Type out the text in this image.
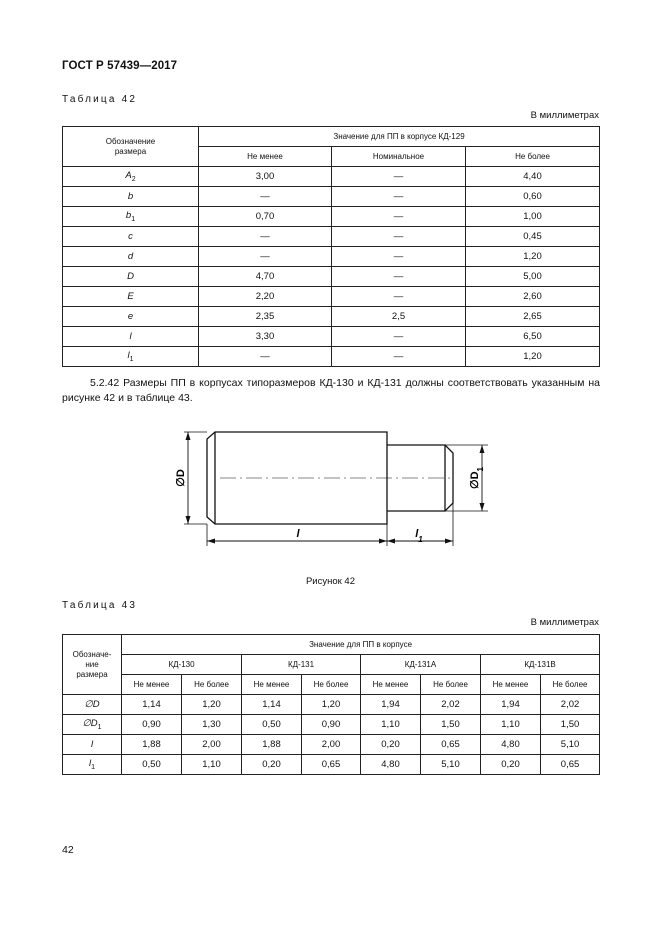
ГОСТ Р 57439—2017
Таблица 42
В миллиметрах
Обозначение размера	Значение для ПП в корпусе КД-129		
	Не менее	Номинальное	Не более
$A_2$	3,00	—	4,40
b	—	—	0,60
$b_1$	0,70	—	1,00
c	—	—	0,45
d	—	—	1,20
D	4,70	—	5,00
E	2,20	—	2,60
e	2,35	2,5	2,65
l	3,30	—	6,50
$l_1$	—	—	1,20
5.2.42 Размеры ПП в корпусах типоразмеров КД-130 и КД-131 должны соответствовать указанным на рисунке 42 и в таблице 43.
∅D	$\emptyset D_1$
l	$l_1$
Рисунок 42
Таблица 43
В миллиметрах
Обозначе-ние размера	Значение для ПП в корпусе							
	КД-130		КД-131		КД-131А		КД-131В	
	Не менее	Не более	Не менее	Не более	Не менее	Не более	Не менее	Не более
∅D	1,14	1,20	1,14	1,20	1,94	2,02	1,94	2,02
$\emptyset D_1$	0,90	1,30	0,50	0,90	1,10	1,50	1,10	1,50
l	1,88	2,00	1,88	2,00	0,20	0,65	4,80	5,10
$l_1$	0,50	1,10	0,20	0,65	4,80	5,10	0,20	0,65
42
